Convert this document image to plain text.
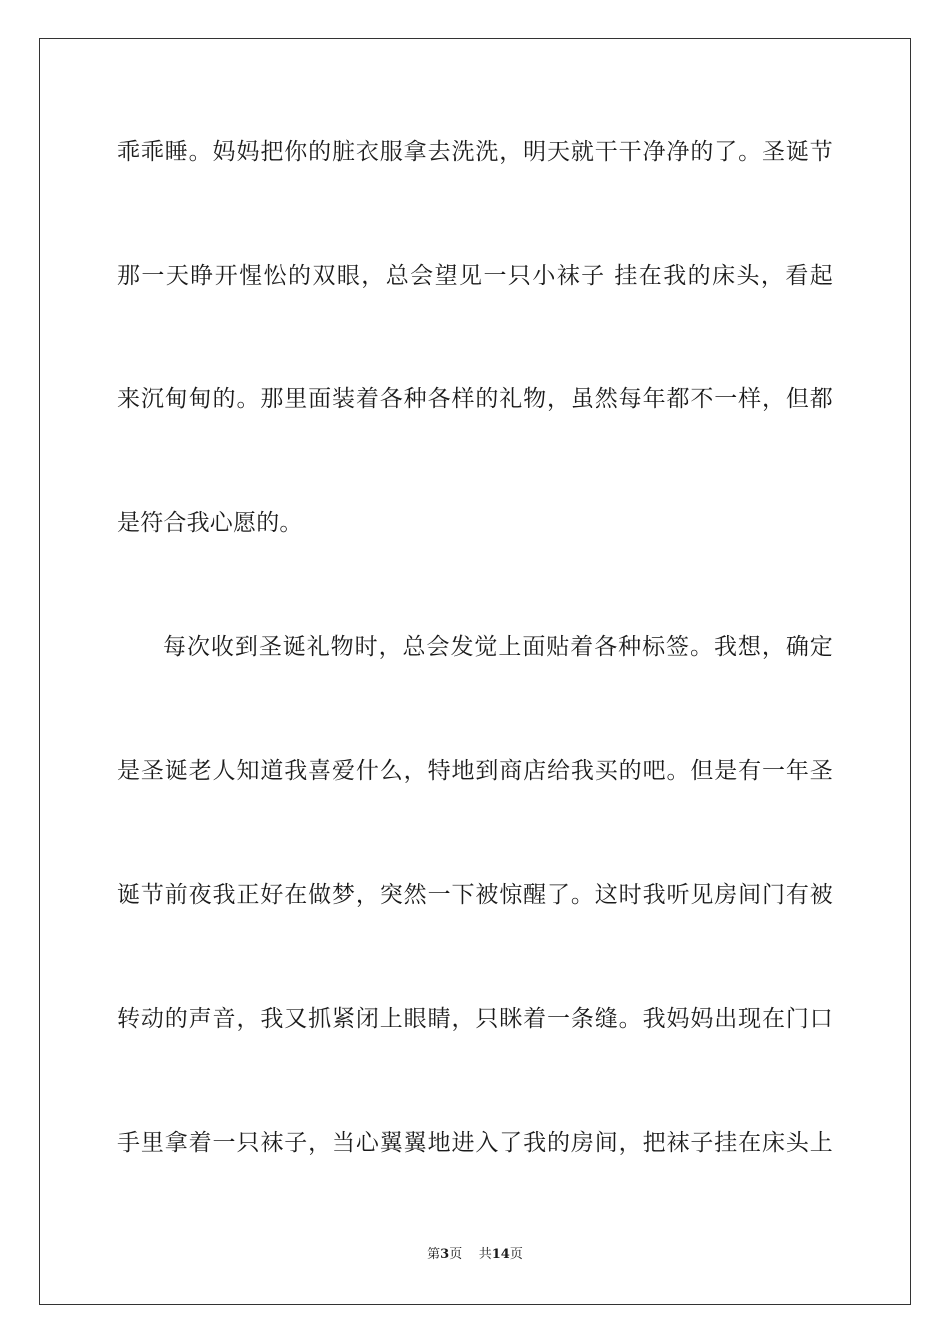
乖乖睡。妈妈把你的脏衣服拿去洗洗，明天就干干净净的了。圣诞节
那一天睁开惺忪的双眼，总会望见一只小袜子 挂在我的床头，看起
来沉甸甸的。那里面装着各种各样的礼物，虽然每年都不一样，但都
是符合我心愿的。
每次收到圣诞礼物时，总会发觉上面贴着各种标签。我想，确定
是圣诞老人知道我喜爱什么，特地到商店给我买的吧。但是有一年圣
诞节前夜我正好在做梦，突然一下被惊醒了。这时我听见房间门有被
转动的声音，我又抓紧闭上眼睛，只眯着一条缝。我妈妈出现在门口
手里拿着一只袜子，当心翼翼地进入了我的房间，把袜子挂在床头上
第3页 共14页
